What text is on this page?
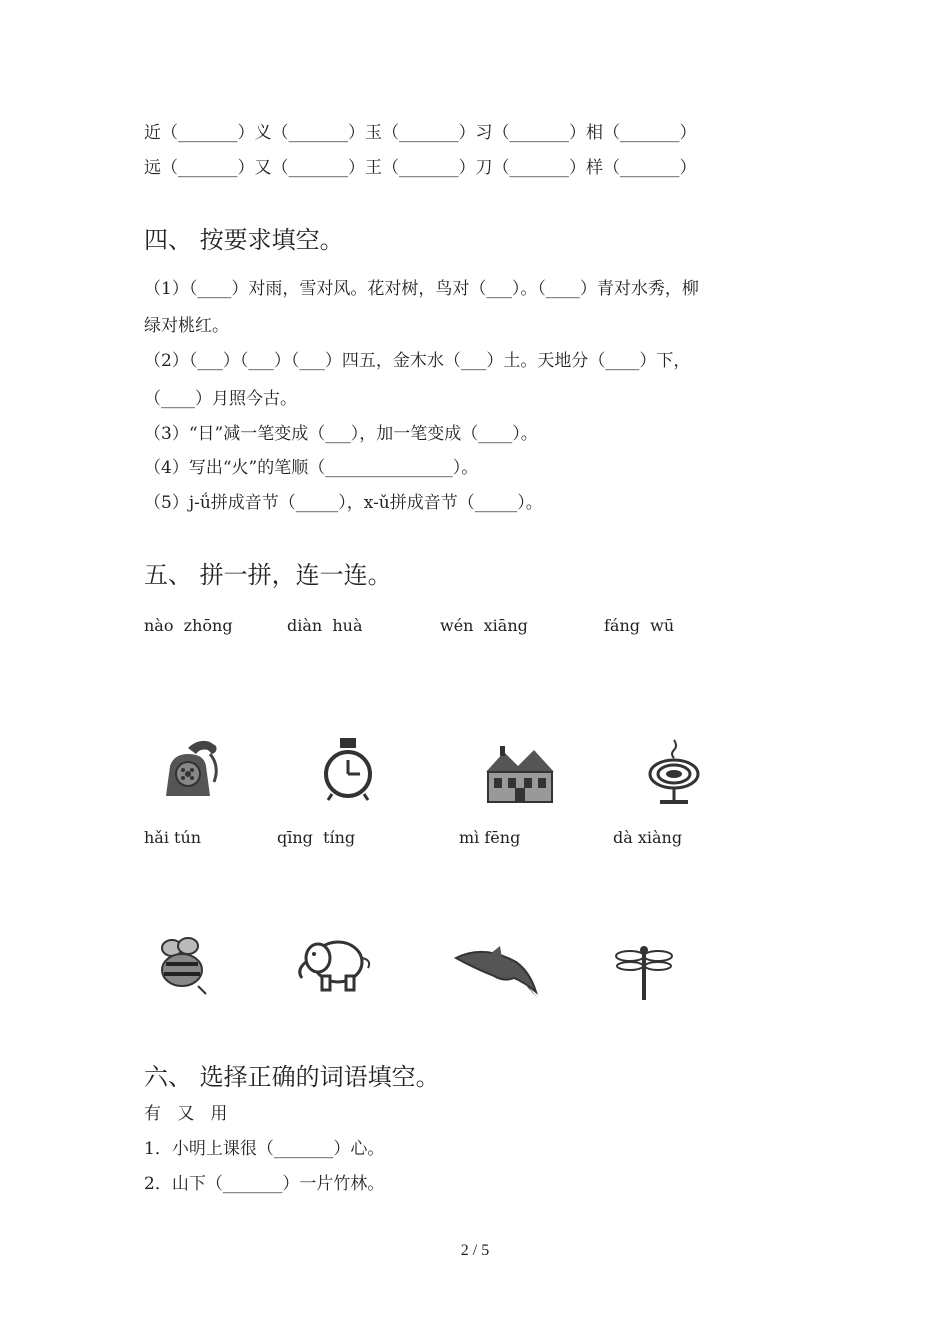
近（_______）义（_______）玉（_______）习（_______）相（_______）
远（_______）又（_______）王（_______）刀（_______）样（_______）
四、 按要求填空。
（1）（____）对雨，雪对风。花对树，鸟对（___）。（____）青对水秀，柳
绿对桃红。
（2）（___）（___）（___）四五，金木水（___）土。天地分（____）下，
（____）月照今古。
（3）“日”减一笔变成（___），加一笔变成（____）。
（4）写出“火”的笔顺（_______________）。
（5）j-ǘ拼成音节（_____），x-ǔ拼成音节（_____）。
五、 拼一拼，连一连。
nào  zhōng	diàn  huà	wén  xiāng	fáng  wū
hǎi tún	qīng  tíng	mì fēng	dà xiàng
六、 选择正确的词语填空。
有   又   用
1．小明上课很（_______）心。
2．山下（_______）一片竹林。
2 / 5
